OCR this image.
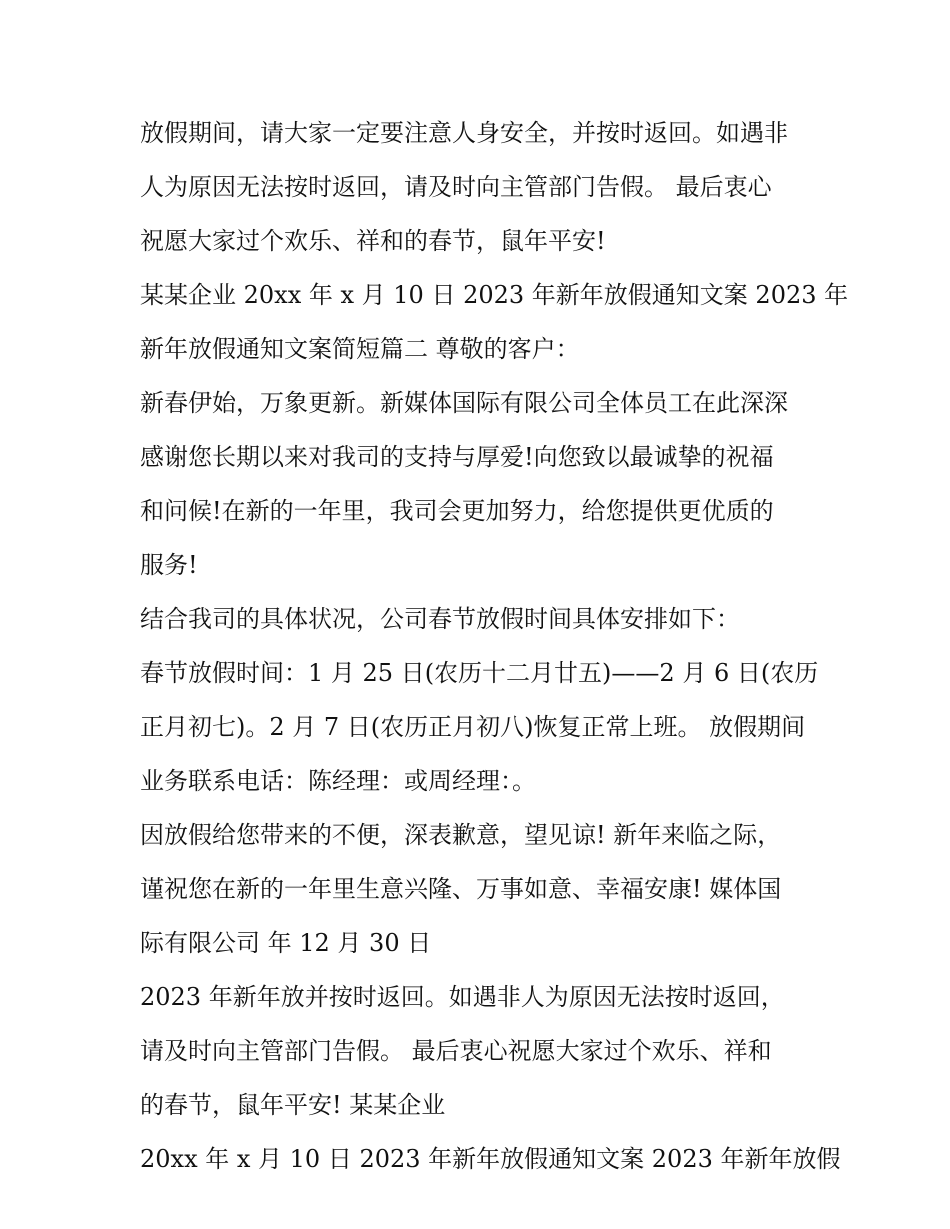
放假期间，请大家一定要注意人身安全，并按时返回。如遇非
人为原因无法按时返回，请及时向主管部门告假。 最后衷心
祝愿大家过个欢乐、祥和的春节，鼠年平安!
某某企业 20xx 年 x 月 10 日 2023 年新年放假通知文案 2023 年
新年放假通知文案简短篇二 尊敬的客户：
新春伊始，万象更新。新媒体国际有限公司全体员工在此深深
感谢您长期以来对我司的支持与厚爱!向您致以最诚挚的祝福
和问候!在新的一年里，我司会更加努力，给您提供更优质的
服务!
结合我司的具体状况，公司春节放假时间具体安排如下：
春节放假时间：1 月 25 日(农历十二月廿五)——2 月 6 日(农历
正月初七)。2 月 7 日(农历正月初八)恢复正常上班。 放假期间
业务联系电话：陈经理：或周经理：。
因放假给您带来的不便，深表歉意，望见谅! 新年来临之际，
谨祝您在新的一年里生意兴隆、万事如意、幸福安康! 媒体国
际有限公司 年 12 月 30 日
2023 年新年放并按时返回。如遇非人为原因无法按时返回，
请及时向主管部门告假。 最后衷心祝愿大家过个欢乐、祥和
的春节，鼠年平安! 某某企业
20xx 年 x 月 10 日 2023 年新年放假通知文案 2023 年新年放假
